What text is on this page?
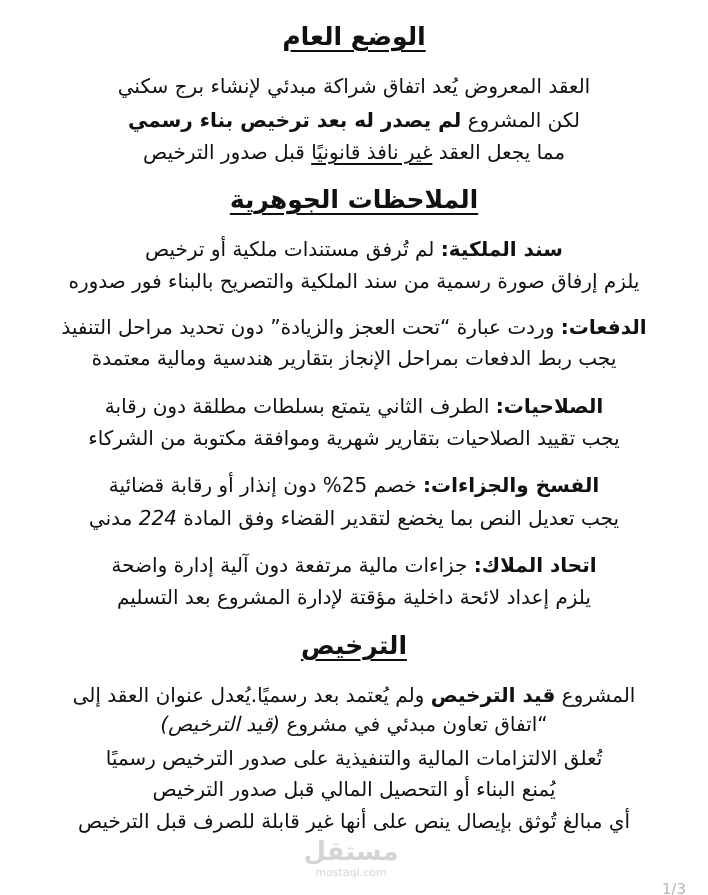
الوضع العام
العقد المعروض يُعد اتفاق شراكة مبدئي لإنشاء برج سكني
لكن المشروع لم يصدر له بعد ترخيص بناء رسمي
مما يجعل العقد غير نافذ قانونيًا قبل صدور الترخيص
الملاحظات الجوهرية
سند الملكية: لم تُرفق مستندات ملكية أو ترخيص
يلزم إرفاق صورة رسمية من سند الملكية والتصريح بالبناء فور صدوره
الدفعات: وردت عبارة “تحت العجز والزيادة” دون تحديد مراحل التنفيذ
يجب ربط الدفعات بمراحل الإنجاز بتقارير هندسية ومالية معتمدة
الصلاحيات: الطرف الثاني يتمتع بسلطات مطلقة دون رقابة
يجب تقييد الصلاحيات بتقارير شهرية وموافقة مكتوبة من الشركاء
الفسخ والجزاءات: خصم 25% دون إنذار أو رقابة قضائية
يجب تعديل النص بما يخضع لتقدير القضاء وفق المادة 224 مدني
اتحاد الملاك: جزاءات مالية مرتفعة دون آلية إدارة واضحة
يلزم إعداد لائحة داخلية مؤقتة لإدارة المشروع بعد التسليم
الترخيص
المشروع قيد الترخيص ولم يُعتمد بعد رسميًا.يُعدل عنوان العقد إلى
“اتفاق تعاون مبدئي في مشروع (قيد الترخيص)
تُعلق الالتزامات المالية والتنفيذية على صدور الترخيص رسميًا
يُمنع البناء أو التحصيل المالي قبل صدور الترخيص
أي مبالغ تُوثق بإيصال ينص على أنها غير قابلة للصرف قبل الترخيص
مستقل
mostaql.com
1/3
